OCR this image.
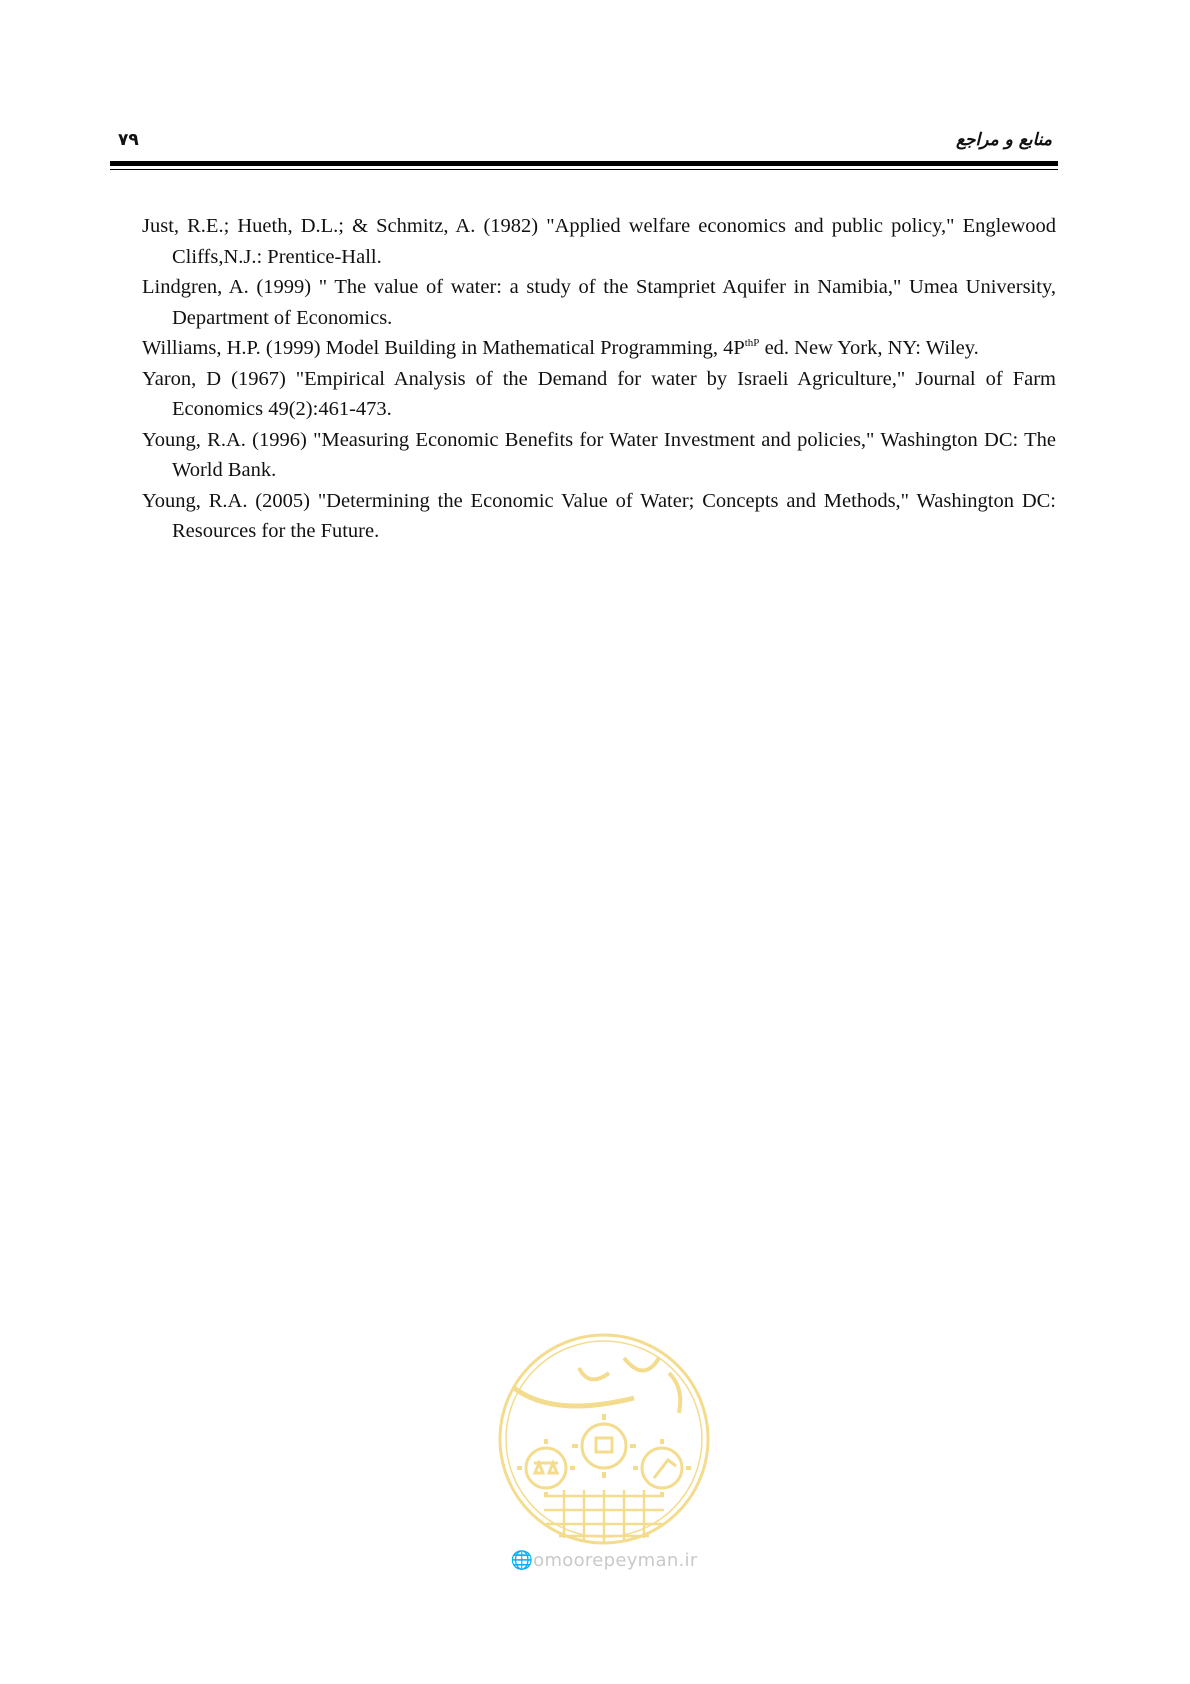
۷۹	منابع و مراجع
Just, R.E.; Hueth, D.L.; & Schmitz, A. (1982) "Applied welfare economics and public policy," Englewood Cliffs,N.J.: Prentice-Hall.
Lindgren, A. (1999) " The value of water: a study of the Stampriet Aquifer in Namibia," Umea University, Department of Economics.
Williams, H.P. (1999) Model Building in Mathematical Programming, $4P^{thP}$ ed. New York, NY: Wiley.
Yaron, D (1967) "Empirical Analysis of the Demand for water by Israeli Agriculture," Journal of Farm Economics 49(2):461-473.
Young, R.A. (1996) "Measuring Economic Benefits for Water Investment and policies," Washington DC: The World Bank.
Young, R.A. (2005) "Determining the Economic Value of Water; Concepts and Methods," Washington DC: Resources for the Future.
🌐omoorepeyman.ir
